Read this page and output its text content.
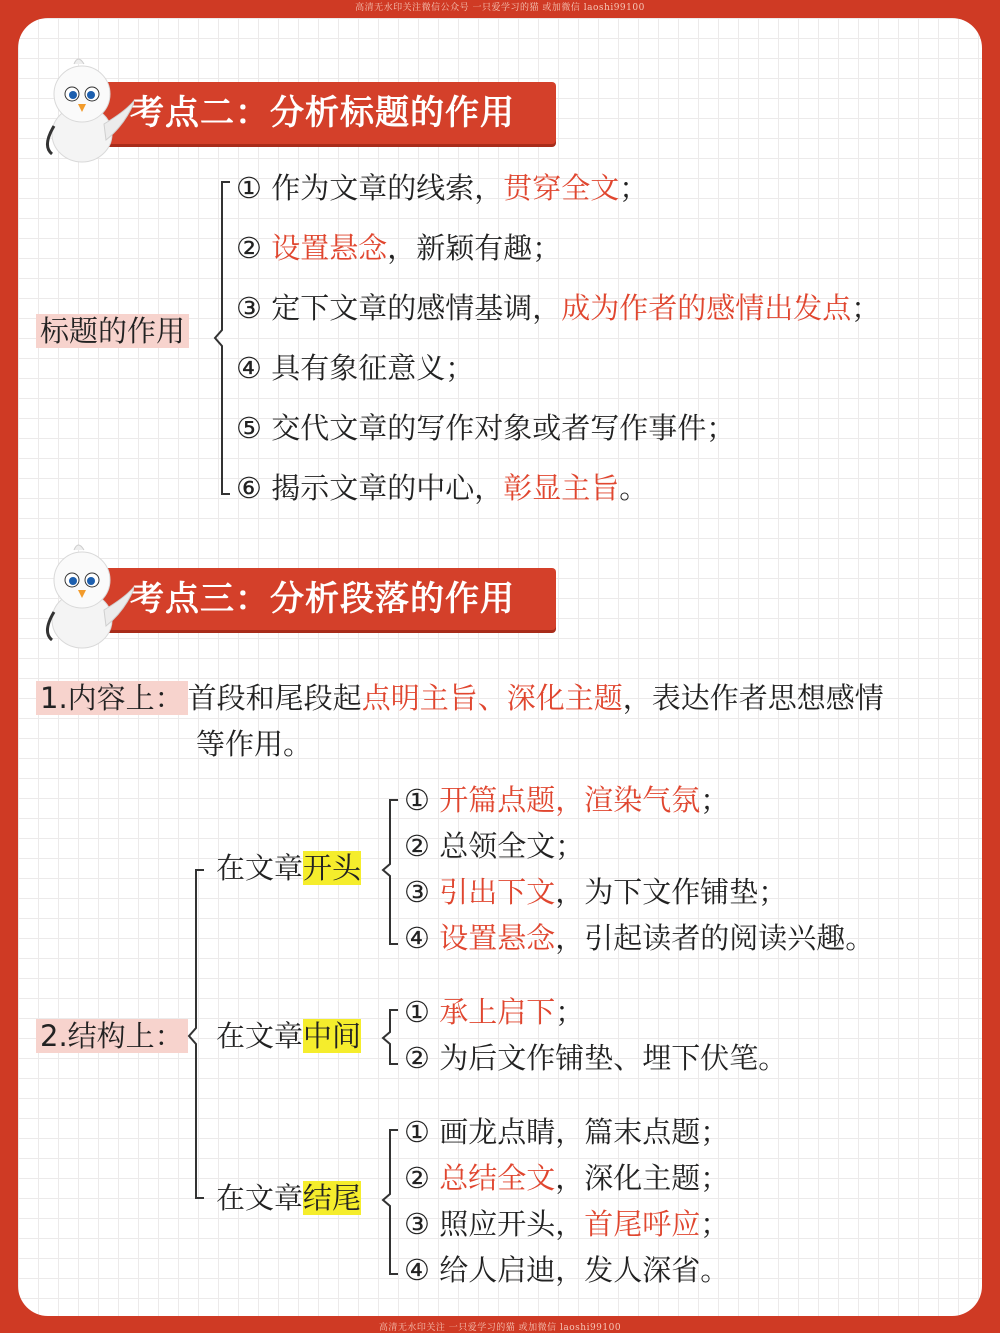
高清无水印关注微信公众号 一只爱学习的猫 或加微信 laoshi99100
考点二：分析标题的作用
标题的作用
① 作为文章的线索，贯穿全文；
② 设置悬念，新颖有趣；
③ 定下文章的感情基调，成为作者的感情出发点；
④ 具有象征意义；
⑤ 交代文章的写作对象或者写作事件；
⑥ 揭示文章的中心，彰显主旨。
考点三：分析段落的作用
1.内容上： 首段和尾段起点明主旨、深化主题，表达作者思想感情
等作用。
2.结构上：
在文章开头
① 开篇点题，渲染气氛；
② 总领全文；
③ 引出下文，为下文作铺垫；
④ 设置悬念，引起读者的阅读兴趣。
在文章中间
① 承上启下；
② 为后文作铺垫、埋下伏笔。
在文章结尾
① 画龙点睛，篇末点题；
② 总结全文，深化主题；
③ 照应开头，首尾呼应；
④ 给人启迪，发人深省。
高清无水印关注 一只爱学习的猫 或加微信 laoshi99100
